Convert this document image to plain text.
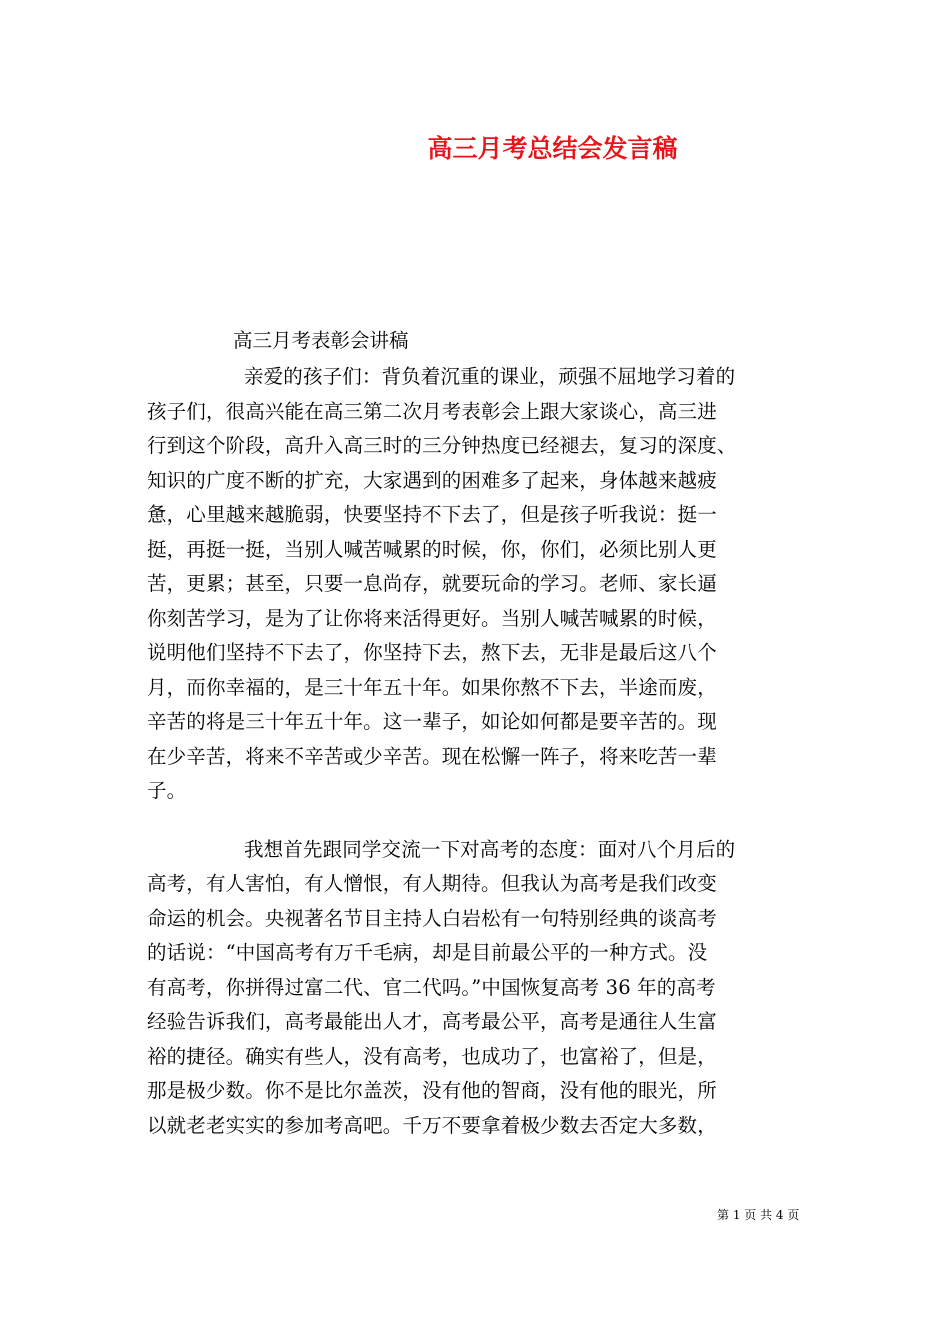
高三月考总结会发言稿
高三月考表彰会讲稿
亲爱的孩子们：背负着沉重的课业，顽强不屈地学习着的
孩子们，很高兴能在高三第二次月考表彰会上跟大家谈心，高三进
行到这个阶段，高升入高三时的三分钟热度已经褪去，复习的深度、
知识的广度不断的扩充，大家遇到的困难多了起来，身体越来越疲
惫，心里越来越脆弱，快要坚持不下去了，但是孩子听我说：挺一
挺，再挺一挺，当别人喊苦喊累的时候，你，你们，必须比别人更
苦，更累；甚至，只要一息尚存，就要玩命的学习。老师、家长逼
你刻苦学习，是为了让你将来活得更好。当别人喊苦喊累的时候，
说明他们坚持不下去了，你坚持下去，熬下去，无非是最后这八个
月，而你幸福的，是三十年五十年。如果你熬不下去，半途而废，
辛苦的将是三十年五十年。这一辈子，如论如何都是要辛苦的。现
在少辛苦，将来不辛苦或少辛苦。现在松懈一阵子，将来吃苦一辈
子。
我想首先跟同学交流一下对高考的态度：面对八个月后的
高考，有人害怕，有人憎恨，有人期待。但我认为高考是我们改变
命运的机会。央视著名节目主持人白岩松有一句特别经典的谈高考
的话说：“中国高考有万千毛病，却是目前最公平的一种方式。没
有高考，你拼得过富二代、官二代吗。”中国恢复高考 36 年的高考
经验告诉我们，高考最能出人才，高考最公平，高考是通往人生富
裕的捷径。确实有些人，没有高考，也成功了，也富裕了，但是，
那是极少数。你不是比尔盖茨，没有他的智商，没有他的眼光，所
以就老老实实的参加考高吧。千万不要拿着极少数去否定大多数，
第 1 页 共 4 页
